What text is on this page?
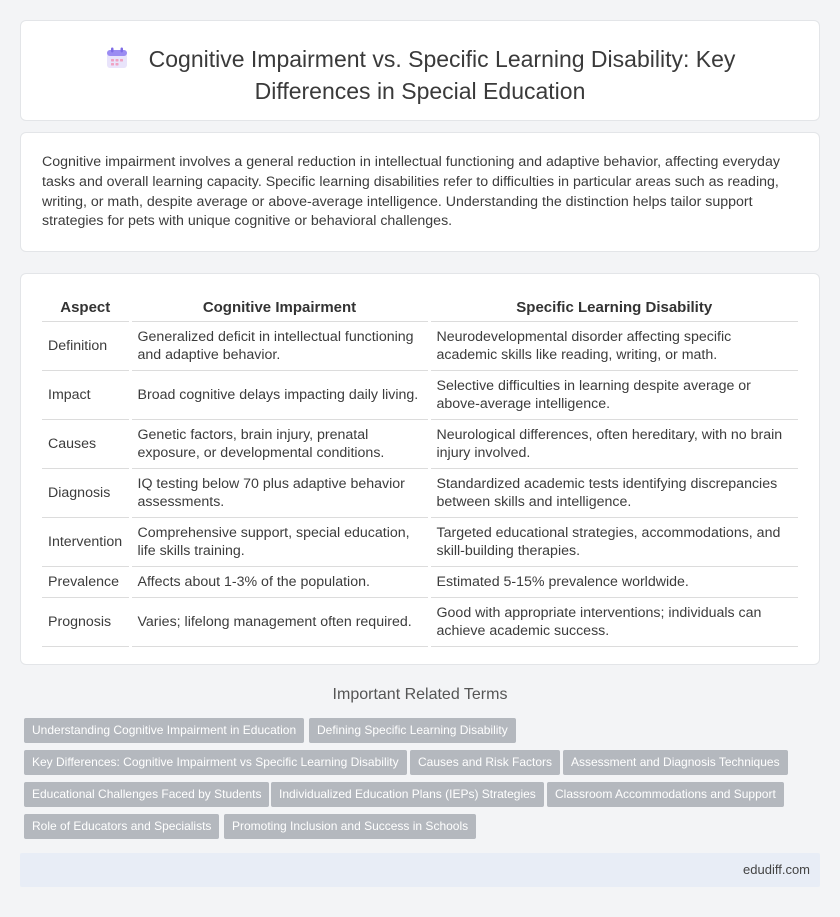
Cognitive Impairment vs. Specific Learning Disability: Key
Differences in Special Education

Cognitive impairment involves a general reduction in intellectual functioning and adaptive behavior, affecting everyday tasks and overall learning capacity. Specific learning disabilities refer to difficulties in particular areas such as reading, writing, or math, despite average or above-average intelligence. Understanding the distinction helps tailor support strategies for pets with unique cognitive or behavioral challenges.

Aspect	Cognitive Impairment	Specific Learning Disability
Definition	Generalized deficit in intellectual functioning and adaptive behavior.	Neurodevelopmental disorder affecting specific academic skills like reading, writing, or math.
Impact	Broad cognitive delays impacting daily living.	Selective difficulties in learning despite average or above-average intelligence.
Causes	Genetic factors, brain injury, prenatal exposure, or developmental conditions.	Neurological differences, often hereditary, with no brain injury involved.
Diagnosis	IQ testing below 70 plus adaptive behavior assessments.	Standardized academic tests identifying discrepancies between skills and intelligence.
Intervention	Comprehensive support, special education, life skills training.	Targeted educational strategies, accommodations, and skill-building therapies.
Prevalence	Affects about 1-3% of the population.	Estimated 5-15% prevalence worldwide.
Prognosis	Varies; lifelong management often required.	Good with appropriate interventions; individuals can achieve academic success.
Important Related Terms
Understanding Cognitive Impairment in Education	Defining Specific Learning Disability
Key Differences: Cognitive Impairment vs Specific Learning Disability	Causes and Risk Factors	Assessment and Diagnosis Techniques
Educational Challenges Faced by Students	Individualized Education Plans (IEPs) Strategies	Classroom Accommodations and Support
Role of Educators and Specialists	Promoting Inclusion and Success in Schools
edudiff.com
